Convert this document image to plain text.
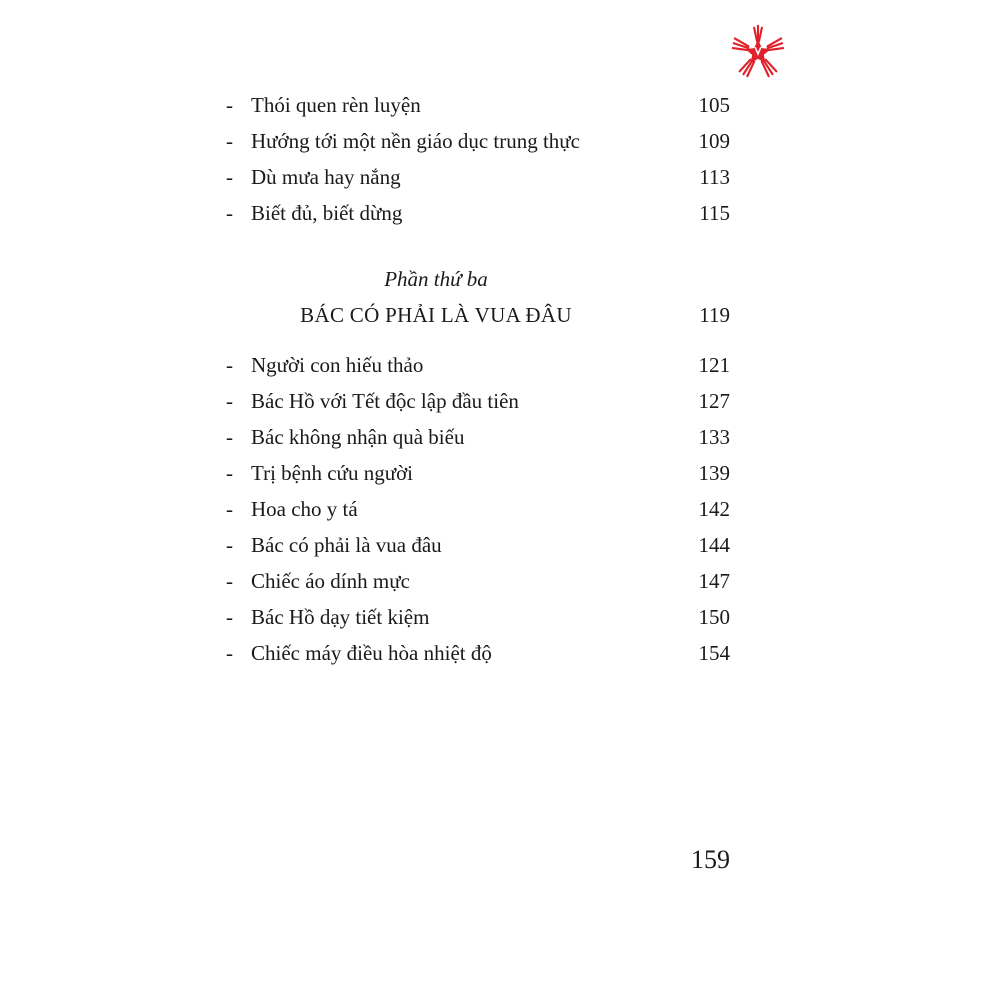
- Thói quen rèn luyện	105
- Hướng tới một nền giáo dục trung thực	109
- Dù mưa hay nắng	113
- Biết đủ, biết dừng	115
Phần thứ ba
BÁC CÓ PHẢI LÀ VUA ĐÂU	119
- Người con hiếu thảo	121
- Bác Hồ với Tết độc lập đầu tiên	127
- Bác không nhận quà biếu	133
- Trị bệnh cứu người	139
- Hoa cho y tá	142
- Bác có phải là vua đâu	144
- Chiếc áo dính mực	147
- Bác Hồ dạy tiết kiệm	150
- Chiếc máy điều hòa nhiệt độ	154
159
